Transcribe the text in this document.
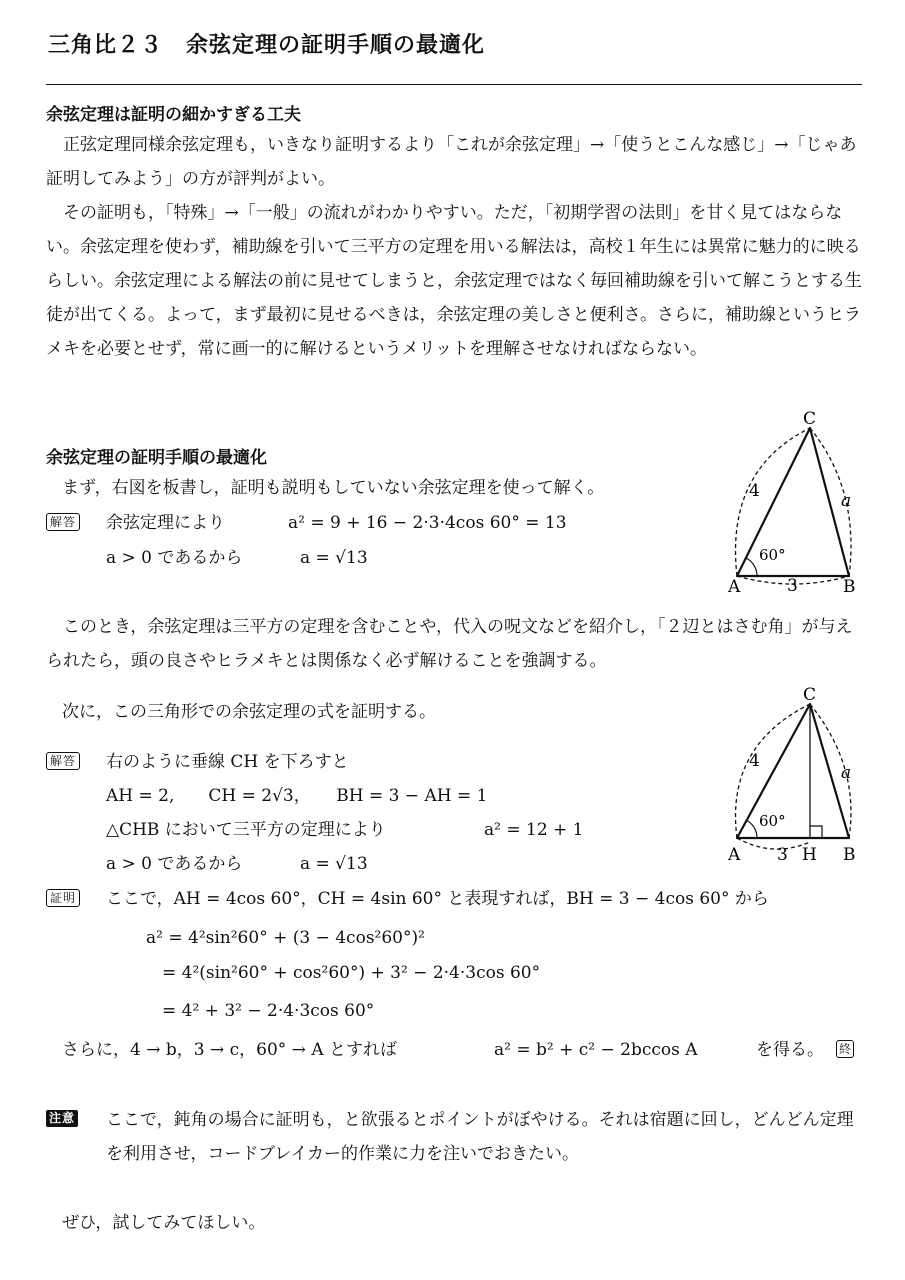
三角比２３　余弦定理の証明手順の最適化
余弦定理は証明の細かすぎる工夫

正弦定理同様余弦定理も，いきなり証明するより「これが余弦定理」→「使うとこんな感じ」→「じゃあ証明してみよう」の方が評判がよい。

その証明も，「特殊」→「一般」の流れがわかりやすい。ただ，「初期学習の法則」を甘く見てはならない。余弦定理を使わず，補助線を引いて三平方の定理を用いる解法は，高校１年生には異常に魅力的に映るらしい。余弦定理による解法の前に見せてしまうと，余弦定理ではなく毎回補助線を引いて解こうとする生徒が出てくる。よって，まず最初に見せるべきは，余弦定理の美しさと便利さ。さらに，補助線というヒラメキを必要とせず，常に画一的に解けるというメリットを理解させなければならない。

余弦定理の証明手順の最適化
まず，右図を板書し，証明も説明もしていない余弦定理を使って解く。
解答 余弦定理により	a² = 9 + 16 − 2·3·4cos 60° = 13
a > 0 であるから	a = √13	60°
C
A	B
4	a
3

このとき，余弦定理は三平方の定理を含むことや，代入の呪文などを紹介し，「２辺とはさむ角」が与えられたら，頭の良さやヒラメキとは関係なく必ず解けることを強調する。

次に，この三角形での余弦定理の式を証明する。
解答 右のように垂線 CH を下ろすと
AH = 2,　　CH = 2√3，　　BH = 3 − AH = 1
△CHB において三平方の定理により	a² = 12 + 1
a > 0 であるから	a = √13
60°
C
A	B
H
4
a
3
証明 ここで，AH = 4cos 60°，CH = 4sin 60° と表現すれば，BH = 3 − 4cos 60° から
a² = 4²sin²60° + (3 − 4cos²60°)²
= 4²(sin²60° + cos²60°) + 3² − 2·4·3cos 60°
= 4² + 3² − 2·4·3cos 60°
さらに，4 → b，3 → c，60° → A とすれば	a² = b² + c² − 2bccos A	を得る。 終
注意 ここで，鈍角の場合に証明も，と欲張るとポイントがぼやける。それは宿題に回し，どんどん定理を利用させ，コードブレイカー的作業に力を注いでおきたい。
ぜひ，試してみてほしい。
